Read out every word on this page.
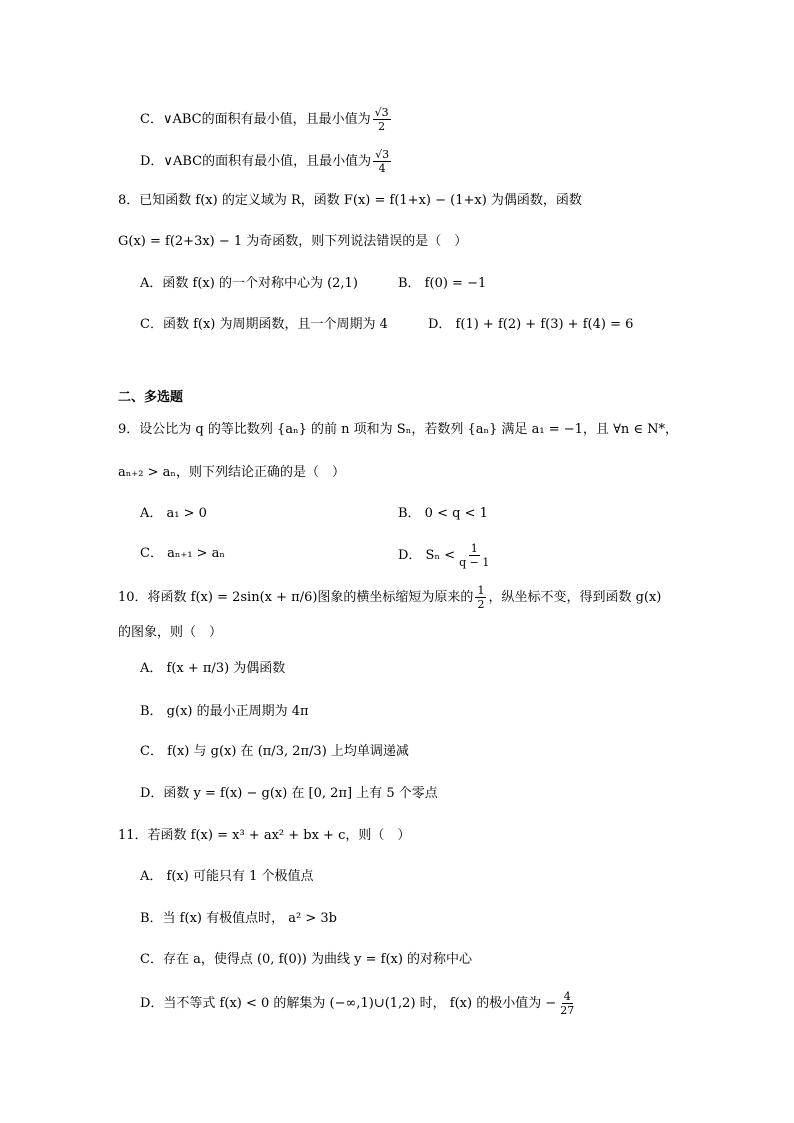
C．∨ABC的面积有最小值，且最小值为 $\frac{√3}{2}$
D．∨ABC的面积有最小值，且最小值为 $\frac{√3}{4}$
8．已知函数 f(x) 的定义域为 R，函数 F(x) = f(1+x) − (1+x) 为偶函数，函数
G(x) = f(2+3x) − 1 为奇函数，则下列说法错误的是（　）
A．函数 f(x) 的一个对称中心为 (2,1)	B． f(0) = −1
C．函数 f(x) 为周期函数，且一个周期为 4	D． f(1) + f(2) + f(3) + f(4) = 6
二、多选题
9．设公比为 q 的等比数列 {aₙ} 的前 n 项和为 Sₙ，若数列 {aₙ} 满足 a₁ = −1，且 ∀n ∈ N*，
aₙ₊₂ > aₙ，则下列结论正确的是（　）
A． a₁ > 0	B． 0 < q < 1
C． aₙ₊₁ > aₙ	D． $S_n < \frac{1}{q - 1}$
10．将函数 f(x) = 2sin(x + π/6)图象的横坐标缩短为原来的 $\frac{1}{2}$ ，纵坐标不变，得到函数 g(x)
的图象，则（　）
A． f(x + π/3) 为偶函数
B． g(x) 的最小正周期为 4π
C． f(x) 与 g(x) 在 (π/3, 2π/3) 上均单调递减
D．函数 y = f(x) − g(x) 在 [0, 2π] 上有 5 个零点
11．若函数 f(x) = x³ + ax² + bx + c，则（　）
A． f(x) 可能只有 1 个极值点
B．当 f(x) 有极值点时， a² > 3b
C．存在 a，使得点 (0, f(0)) 为曲线 y = f(x) 的对称中心
D．当不等式 f(x) < 0 的解集为 (−∞,1)∪(1,2) 时， f(x) 的极小值为 − $\frac{4}{27}$
